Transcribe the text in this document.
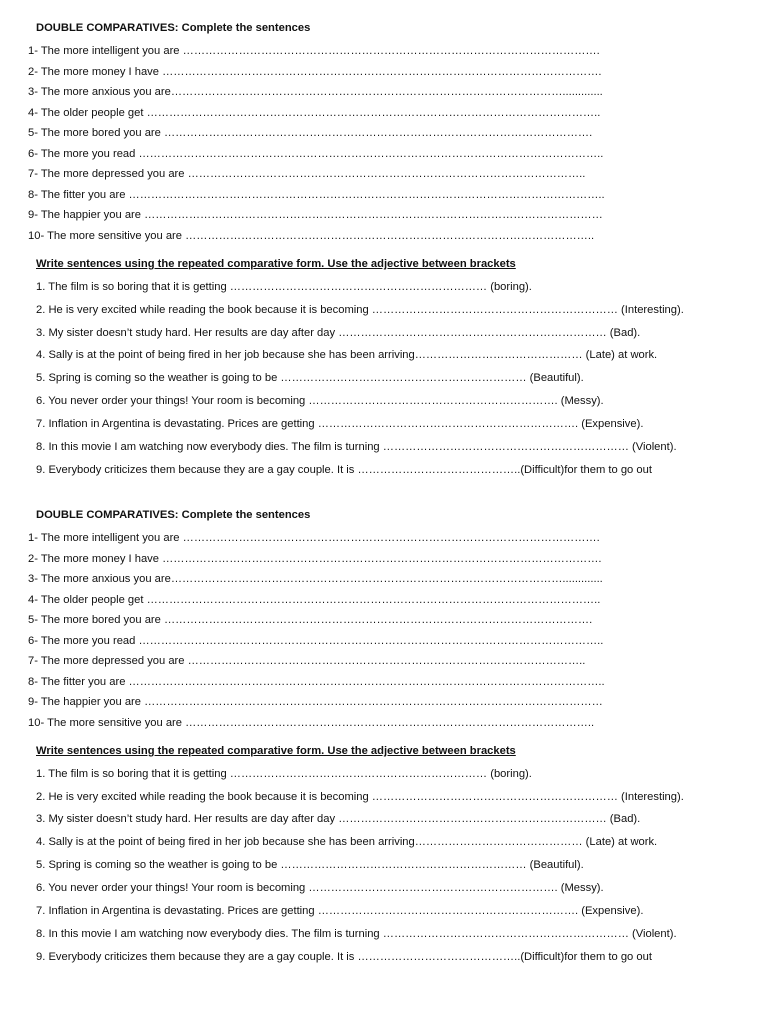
DOUBLE COMPARATIVES: Complete the sentences
1- The more intelligent you are ………………………………………………………………………………………………….
2- The more money I have ……………………………………………………………………………………………………….
3- The more anxious you are…………………………………………………………………………………………….............
4- The older people get …………………………………………………………………………………………………………..
5- The more bored you are …………………………………………………………………………………………………….
6- The more you read ……………………………………………………………………………………………………………..
7- The more depressed you are ……………………………………………………………………………………………..
8- The fitter you are ………………………………………………………………………………………………………………..
9- The happier you are ……………………………………………………………………………………………………………
10- The more sensitive you are ………………………………………………………………………………………………..
Write sentences using the repeated comparative form. Use the adjective between brackets
1. The film is so boring that it is getting …………………………………………………………… (boring).
2. He is very excited while reading the book because it is becoming ………………………………………………………… (Interesting).
3. My sister doesn’t study hard. Her results are day after day ……………………………………………………………… (Bad).
4. Sally is at the point of being fired in her job because she has been arriving……………………………………… (Late) at work.
5. Spring is coming so the weather is going to be ………………………………………………………… (Beautiful).
6. You never order your things! Your room is becoming …………………………………………………………. (Messy).
7. Inflation in Argentina is devastating. Prices are getting ……………………………………………………………. (Expensive).
8. In this movie I am watching now everybody dies. The film is turning ………………………………………………………… (Violent).
9. Everybody criticizes them because they are a gay couple. It is ……………………………………..(Difficult)for them to go out
DOUBLE COMPARATIVES: Complete the sentences
1- The more intelligent you are ………………………………………………………………………………………………….
2- The more money I have ……………………………………………………………………………………………………….
3- The more anxious you are…………………………………………………………………………………………….............
4- The older people get …………………………………………………………………………………………………………..
5- The more bored you are …………………………………………………………………………………………………….
6- The more you read ……………………………………………………………………………………………………………..
7- The more depressed you are ……………………………………………………………………………………………..
8- The fitter you are ………………………………………………………………………………………………………………..
9- The happier you are ……………………………………………………………………………………………………………
10- The more sensitive you are ………………………………………………………………………………………………..
Write sentences using the repeated comparative form. Use the adjective between brackets
1. The film is so boring that it is getting …………………………………………………………… (boring).
2. He is very excited while reading the book because it is becoming ………………………………………………………… (Interesting).
3. My sister doesn’t study hard. Her results are day after day ……………………………………………………………… (Bad).
4. Sally is at the point of being fired in her job because she has been arriving……………………………………… (Late) at work.
5. Spring is coming so the weather is going to be ………………………………………………………… (Beautiful).
6. You never order your things! Your room is becoming …………………………………………………………. (Messy).
7. Inflation in Argentina is devastating. Prices are getting ……………………………………………………………. (Expensive).
8. In this movie I am watching now everybody dies. The film is turning ………………………………………………………… (Violent).
9. Everybody criticizes them because they are a gay couple. It is ……………………………………..(Difficult)for them to go out
